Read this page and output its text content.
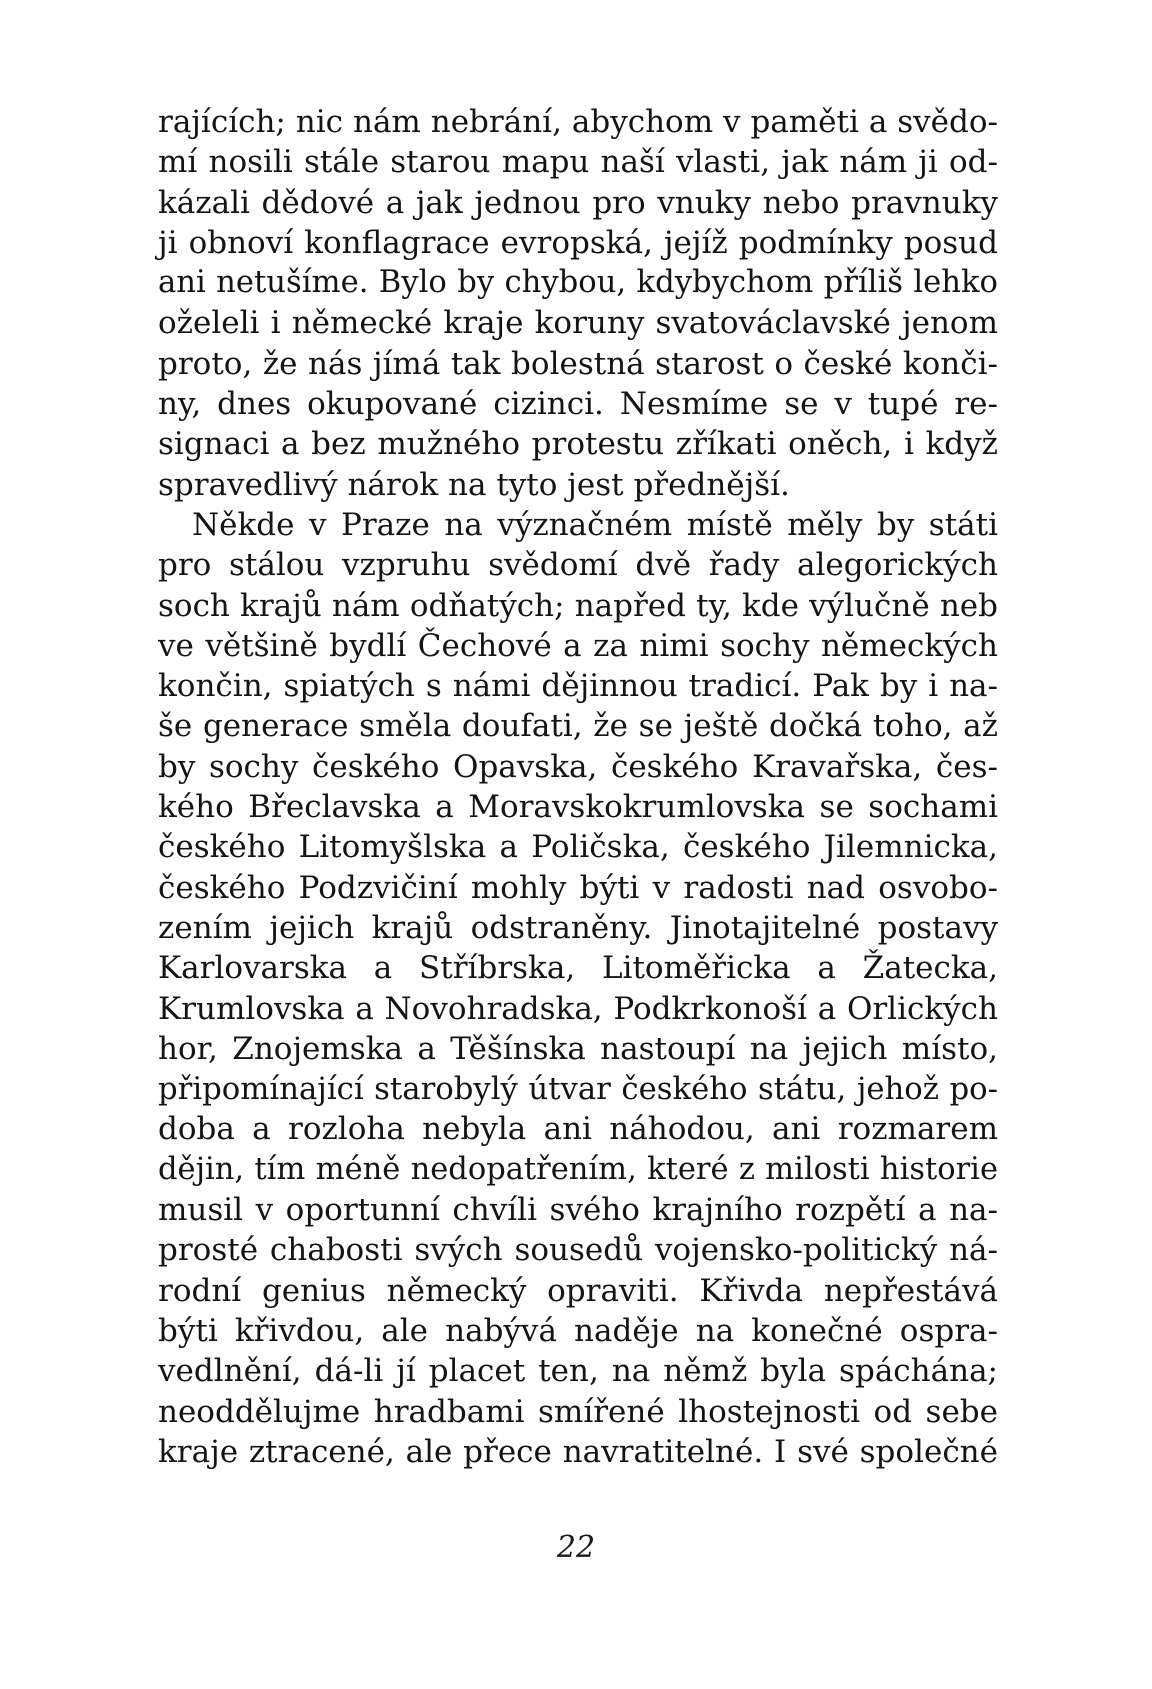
rajících; nic nám nebrání, abychom v paměti a svědo-
mí nosili stále starou mapu naší vlasti, jak nám ji od-
kázali dědové a jak jednou pro vnuky nebo pravnuky
ji obnoví konflagrace evropská, jejíž podmínky posud
ani netušíme. Bylo by chybou, kdybychom příliš lehko
oželeli i německé kraje koruny svatováclavské jenom
proto, že nás jímá tak bolestná starost o české konči-
ny, dnes okupované cizinci. Nesmíme se v tupé re-
signaci a bez mužného protestu zříkati oněch, i když
spravedlivý nárok na tyto jest přednější.
Někde v Praze na význačném místě měly by státi
pro stálou vzpruhu svědomí dvě řady alegorických
soch krajů nám odňatých; napřed ty, kde výlučně neb
ve většině bydlí Čechové a za nimi sochy německých
končin, spiatých s námi dějinnou tradicí. Pak by i na-
še generace směla doufati, že se ještě dočká toho, až
by sochy českého Opavska, českého Kravařska, čes-
kého Břeclavska a Moravskokrumlovska se sochami
českého Litomyšlska a Poličska, českého Jilemnicka,
českého Podzvičiní mohly býti v radosti nad osvobo-
zením jejich krajů odstraněny. Jinotajitelné postavy
Karlovarska a Stříbrska, Litoměřicka a Žatecka,
Krumlovska a Novohradska, Podkrkonoší a Orlických
hor, Znojemska a Těšínska nastoupí na jejich místo,
připomínající starobylý útvar českého státu, jehož po-
doba a rozloha nebyla ani náhodou, ani rozmarem
dějin, tím méně nedopatřením, které z milosti historie
musil v oportunní chvíli svého krajního rozpětí a na-
prosté chabosti svých sousedů vojensko-politický ná-
rodní genius německý opraviti. Křivda nepřestává
býti křivdou, ale nabývá naděje na konečné ospra-
vedlnění, dá-li jí placet ten, na němž byla spáchána;
neoddělujme hradbami smířené lhostejnosti od sebe
kraje ztracené, ale přece navratitelné. I své společné
22
